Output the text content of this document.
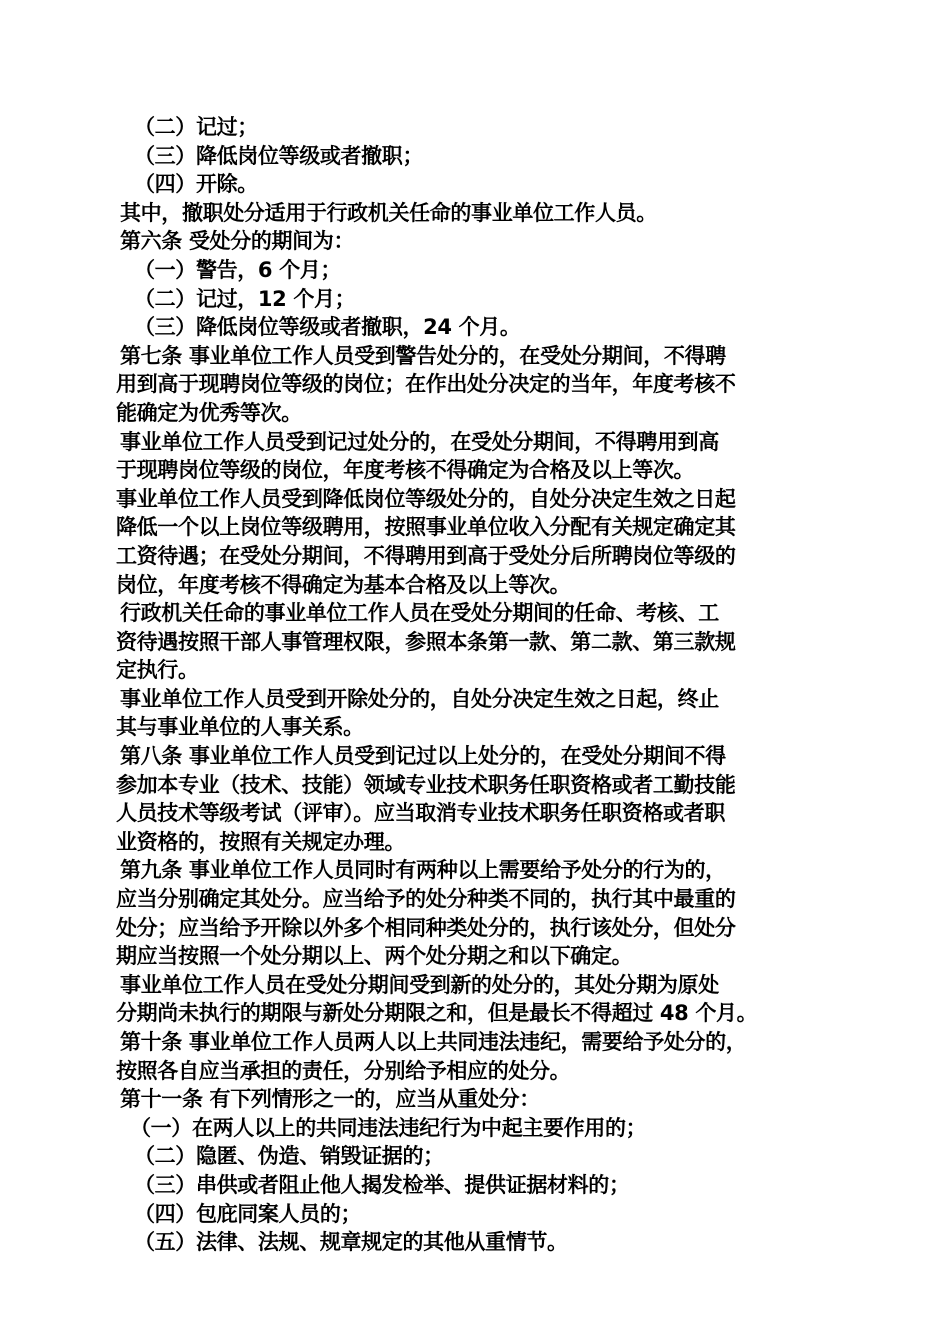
（二）记过；
（三）降低岗位等级或者撤职；
（四）开除。
其中，撤职处分适用于行政机关任命的事业单位工作人员。
第六条 受处分的期间为：
（一）警告，6 个月；
（二）记过，12 个月；
（三）降低岗位等级或者撤职，24 个月。
第七条 事业单位工作人员受到警告处分的，在受处分期间，不得聘
用到高于现聘岗位等级的岗位；在作出处分决定的当年，年度考核不
能确定为优秀等次。
事业单位工作人员受到记过处分的，在受处分期间，不得聘用到高
于现聘岗位等级的岗位，年度考核不得确定为合格及以上等次。
事业单位工作人员受到降低岗位等级处分的，自处分决定生效之日起
降低一个以上岗位等级聘用，按照事业单位收入分配有关规定确定其
工资待遇；在受处分期间，不得聘用到高于受处分后所聘岗位等级的
岗位，年度考核不得确定为基本合格及以上等次。
行政机关任命的事业单位工作人员在受处分期间的任命、考核、工
资待遇按照干部人事管理权限，参照本条第一款、第二款、第三款规
定执行。
事业单位工作人员受到开除处分的，自处分决定生效之日起，终止
其与事业单位的人事关系。
第八条 事业单位工作人员受到记过以上处分的，在受处分期间不得
参加本专业（技术、技能）领域专业技术职务任职资格或者工勤技能
人员技术等级考试（评审）。应当取消专业技术职务任职资格或者职
业资格的，按照有关规定办理。
第九条 事业单位工作人员同时有两种以上需要给予处分的行为的，
应当分别确定其处分。应当给予的处分种类不同的，执行其中最重的
处分；应当给予开除以外多个相同种类处分的，执行该处分，但处分
期应当按照一个处分期以上、两个处分期之和以下确定。
事业单位工作人员在受处分期间受到新的处分的，其处分期为原处
分期尚未执行的期限与新处分期限之和，但是最长不得超过 48 个月。
第十条 事业单位工作人员两人以上共同违法违纪，需要给予处分的，
按照各自应当承担的责任，分别给予相应的处分。
第十一条 有下列情形之一的，应当从重处分：
（一）在两人以上的共同违法违纪行为中起主要作用的；
（二）隐匿、伪造、销毁证据的；
（三）串供或者阻止他人揭发检举、提供证据材料的；
（四）包庇同案人员的；
（五）法律、法规、规章规定的其他从重情节。
